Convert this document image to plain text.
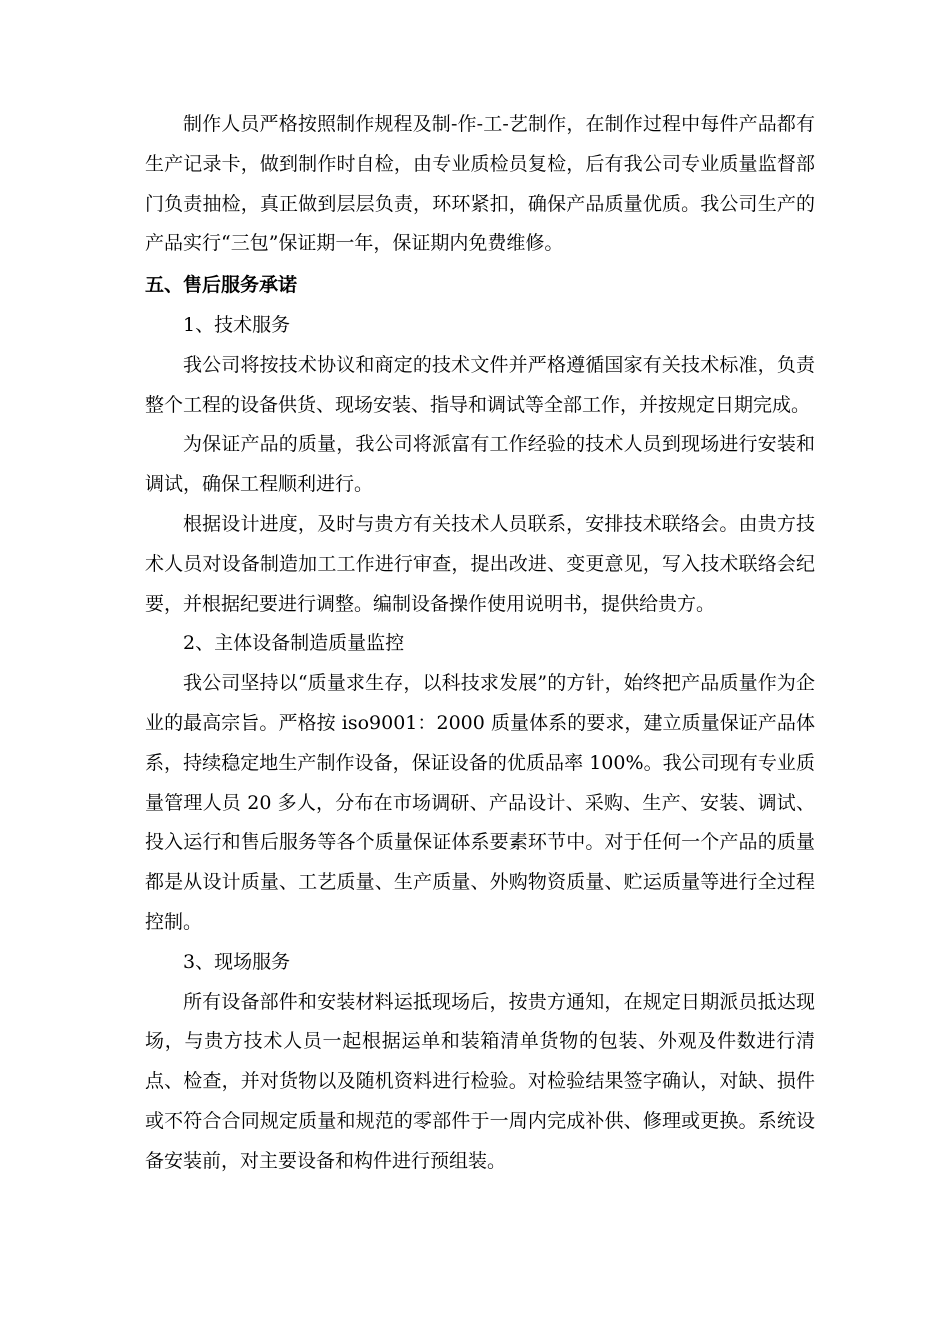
制作人员严格按照制作规程及制-作-工-艺制作，在制作过程中每件产品都有生产记录卡，做到制作时自检，由专业质检员复检，后有我公司专业质量监督部门负责抽检，真正做到层层负责，环环紧扣，确保产品质量优质。我公司生产的产品实行“三包”保证期一年，保证期内免费维修。

五、售后服务承诺
1、技术服务

我公司将按技术协议和商定的技术文件并严格遵循国家有关技术标准，负责整个工程的设备供货、现场安装、指导和调试等全部工作，并按规定日期完成。

为保证产品的质量，我公司将派富有工作经验的技术人员到现场进行安装和调试，确保工程顺利进行。

根据设计进度，及时与贵方有关技术人员联系，安排技术联络会。由贵方技术人员对设备制造加工工作进行审查，提出改进、变更意见，写入技术联络会纪要，并根据纪要进行调整。编制设备操作使用说明书，提供给贵方。

2、主体设备制造质量监控

我公司坚持以“质量求生存，以科技求发展”的方针，始终把产品质量作为企业的最高宗旨。严格按 iso9001：2000 质量体系的要求，建立质量保证产品体系，持续稳定地生产制作设备，保证设备的优质品率 100%。我公司现有专业质量管理人员 20 多人，分布在市场调研、产品设计、采购、生产、安装、调试、投入运行和售后服务等各个质量保证体系要素环节中。对于任何一个产品的质量都是从设计质量、工艺质量、生产质量、外购物资质量、贮运质量等进行全过程控制。

3、现场服务

所有设备部件和安装材料运抵现场后，按贵方通知，在规定日期派员抵达现场，与贵方技术人员一起根据运单和装箱清单货物的包装、外观及件数进行清点、检查，并对货物以及随机资料进行检验。对检验结果签字确认，对缺、损件或不符合合同规定质量和规范的零部件于一周内完成补供、修理或更换。系统设备安装前，对主要设备和构件进行预组装。
